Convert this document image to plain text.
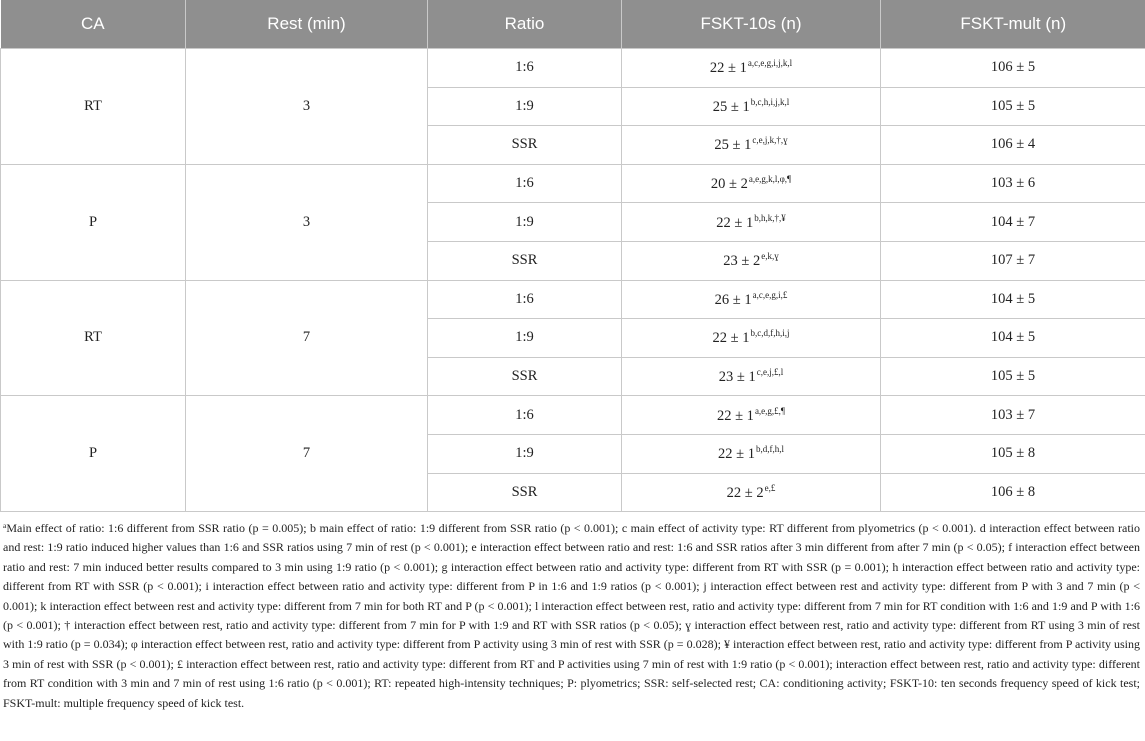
CA	Rest (min)	Ratio	FSKT-10s (n)	FSKT-mult (n)
RT	3	1:6	$22 \pm 1^{a,c,e,g,i,j,k,l}$	106 ± 5
		1:9	$25 \pm 1^{b,c,h,i,j,k,l}$	105 ± 5
		SSR	$25 \pm 1^{c,e,j,k,\dagger,ɣ}$	106 ± 4
P	3	1:6	$20 \pm 2^{a,e,g,k,l,\varphi,\P}$	103 ± 6
		1:9	$22 \pm 1^{b,h,k,\dagger,¥}$	104 ± 7
		SSR	$23 \pm 2^{e,k,ɣ}$	107 ± 7
RT	7	1:6	$26 \pm 1^{a,c,e,g,i,£}$	104 ± 5
		1:9	$22 \pm 1^{b,c,d,f,h,i,j}$	104 ± 5
		SSR	$23 \pm 1^{c,e,j,£,l}$	105 ± 5
P	7	1:6	$22 \pm 1^{a,e,g,£,\P}$	103 ± 7
		1:9	$22 \pm 1^{b,d,f,h,l}$	105 ± 8
		SSR	$22 \pm 2^{e,£}$	106 ± 8

$^a$Main effect of ratio: 1:6 different from SSR ratio (p = 0.005); b main effect of ratio: 1:9 different from SSR ratio (p < 0.001); c main effect of activity type: RT different from plyometrics (p < 0.001). d interaction effect between ratio and rest: 1:9 ratio induced higher values than 1:6 and SSR ratios using 7 min of rest (p < 0.001); e interaction effect between ratio and rest: 1:6 and SSR ratios after 3 min different from after 7 min (p < 0.05); f interaction effect between ratio and rest: 7 min induced better results compared to 3 min using 1:9 ratio (p < 0.001); g interaction effect between ratio and activity type: different from RT with SSR (p = 0.001); h interaction effect between ratio and activity type: different from RT with SSR (p < 0.001); i interaction effect between ratio and activity type: different from P in 1:6 and 1:9 ratios (p < 0.001); j interaction effect between rest and activity type: different from P with 3 and 7 min (p < 0.001); k interaction effect between rest and activity type: different from 7 min for both RT and P (p < 0.001); l interaction effect between rest, ratio and activity type: different from 7 min for RT condition with 1:6 and 1:9 and P with 1:6 (p < 0.001); † interaction effect between rest, ratio and activity type: different from 7 min for P with 1:9 and RT with SSR ratios (p < 0.05); ɣ interaction effect between rest, ratio and activity type: different from RT using 3 min of rest with 1:9 ratio (p = 0.034); φ interaction effect between rest, ratio and activity type: different from P activity using 3 min of rest with SSR (p = 0.028); ¥ interaction effect between rest, ratio and activity type: different from P activity using 3 min of rest with SSR (p < 0.001); £ interaction effect between rest, ratio and activity type: different from RT and P activities using 7 min of rest with 1:9 ratio (p < 0.001); interaction effect between rest, ratio and activity type: different from RT condition with 3 min and 7 min of rest using 1:6 ratio (p < 0.001); RT: repeated high-intensity techniques; P: plyometrics; SSR: self-selected rest; CA: conditioning activity; FSKT-10: ten seconds frequency speed of kick test; FSKT-mult: multiple frequency speed of kick test.
